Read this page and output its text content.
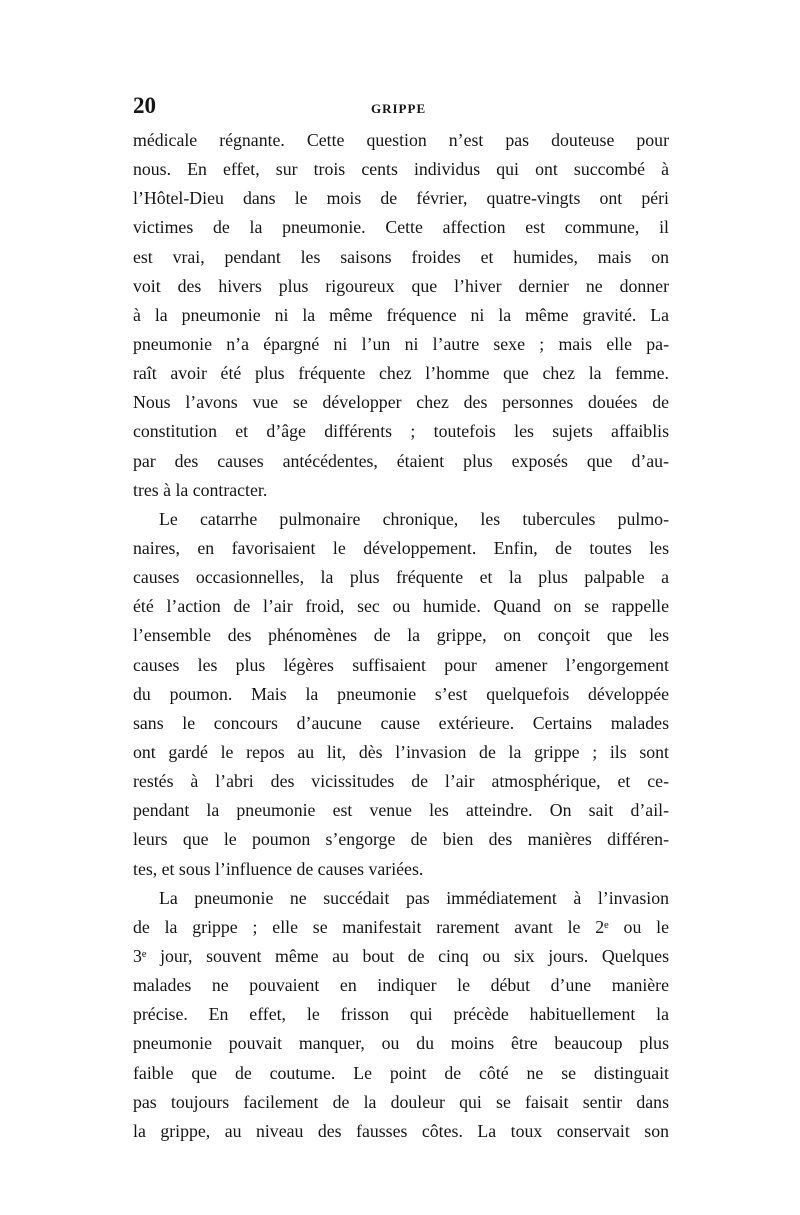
20	GRIPPE
médicale régnante. Cette question n’est pas douteuse pour
nous. En effet, sur trois cents individus qui ont succombé à
l’Hôtel-Dieu dans le mois de février, quatre-vingts ont péri
victimes de la pneumonie. Cette affection est commune, il
est vrai, pendant les saisons froides et humides, mais on
voit des hivers plus rigoureux que l’hiver dernier ne donner
à la pneumonie ni la même fréquence ni la même gravité. La
pneumonie n’a épargné ni l’un ni l’autre sexe ; mais elle pa-
raît avoir été plus fréquente chez l’homme que chez la femme.
Nous l’avons vue se développer chez des personnes douées de
constitution et d’âge différents ; toutefois les sujets affaiblis
par des causes antécédentes, étaient plus exposés que d’au-
tres à la contracter.
Le catarrhe pulmonaire chronique, les tubercules pulmo-
naires, en favorisaient le développement. Enfin, de toutes les
causes occasionnelles, la plus fréquente et la plus palpable a
été l’action de l’air froid, sec ou humide. Quand on se rappelle
l’ensemble des phénomènes de la grippe, on conçoit que les
causes les plus légères suffisaient pour amener l’engorgement
du poumon. Mais la pneumonie s’est quelquefois développée
sans le concours d’aucune cause extérieure. Certains malades
ont gardé le repos au lit, dès l’invasion de la grippe ; ils sont
restés à l’abri des vicissitudes de l’air atmosphérique, et ce-
pendant la pneumonie est venue les atteindre. On sait d’ail-
leurs que le poumon s’engorge de bien des manières différen-
tes, et sous l’influence de causes variées.
La pneumonie ne succédait pas immédiatement à l’invasion
de la grippe ; elle se manifestait rarement avant le 2ᵉ ou le
3ᵉ jour, souvent même au bout de cinq ou six jours. Quelques
malades ne pouvaient en indiquer le début d’une manière
précise. En effet, le frisson qui précède habituellement la
pneumonie pouvait manquer, ou du moins être beaucoup plus
faible que de coutume. Le point de côté ne se distinguait
pas toujours facilement de la douleur qui se faisait sentir dans
la grippe, au niveau des fausses côtes. La toux conservait son
